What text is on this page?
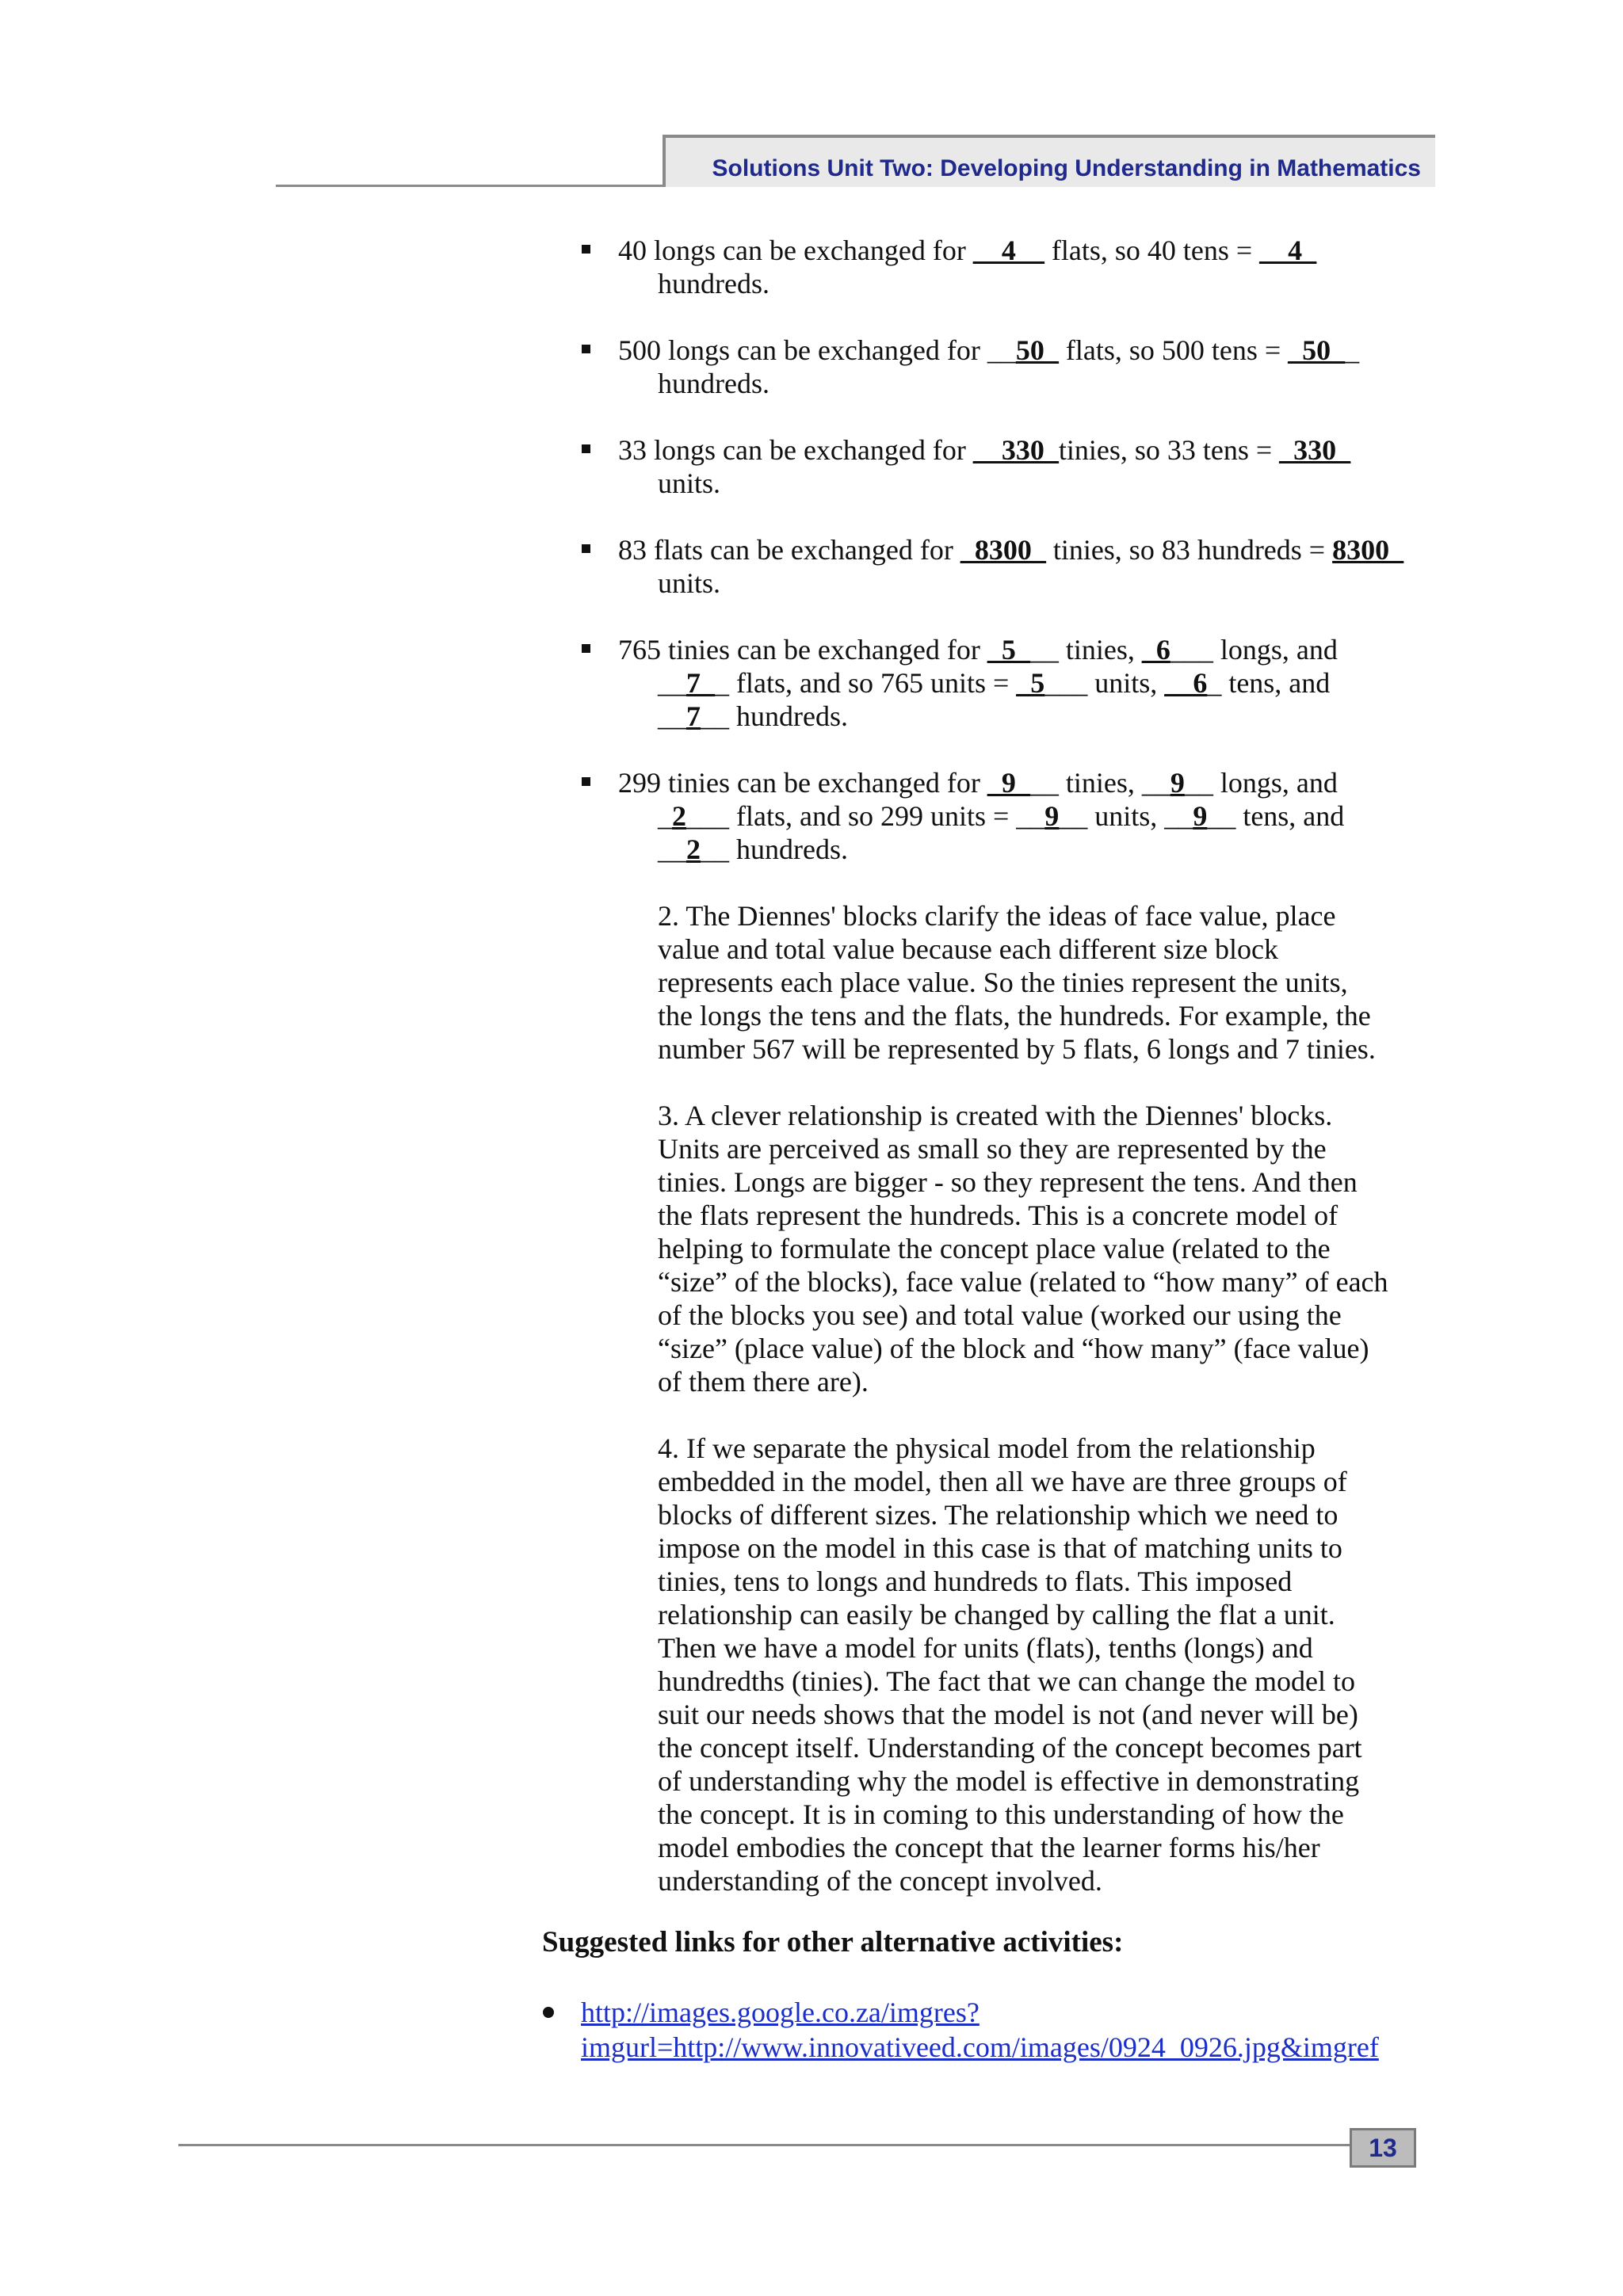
Solutions Unit Two: Developing Understanding in Mathematics
40 longs can be exchanged for __4__ flats, so 40 tens = __4_
hundreds.
500 longs can be exchanged for __50_ flats, so 500 tens = _50__
hundreds.
33 longs can be exchanged for __330_tinies, so 33 tens = _330_
units.
83 flats can be exchanged for _8300_ tinies, so 83 hundreds = 8300_
units.
765 tinies can be exchanged for _5___ tinies, _6___ longs, and
__7__ flats, and so 765 units = _5___ units, __6_ tens, and
__7__ hundreds.
299 tinies can be exchanged for _9___ tinies, __9__ longs, and
_2___ flats, and so 299 units = __9__ units, __9__ tens, and
__2__ hundreds.
2. The Diennes' blocks clarify the ideas of face value, place
value and total value because each different size block
represents each place value. So the tinies represent the units,
the longs the tens and the flats, the hundreds. For example, the
number 567 will be represented by 5 flats, 6 longs and 7 tinies.
3. A clever relationship is created with the Diennes' blocks.
Units are perceived as small so they are represented by the
tinies. Longs are bigger - so they represent the tens. And then
the flats represent the hundreds. This is a concrete model of
helping to formulate the concept place value (related to the
“size” of the blocks), face value (related to “how many” of each
of the blocks you see) and total value (worked our using the
“size” (place value) of the block and “how many” (face value)
of them there are).
4. If we separate the physical model from the relationship
embedded in the model, then all we have are three groups of
blocks of different sizes. The relationship which we need to
impose on the model in this case is that of matching units to
tinies, tens to longs and hundreds to flats. This imposed
relationship can easily be changed by calling the flat a unit.
Then we have a model for units (flats), tenths (longs) and
hundredths (tinies). The fact that we can change the model to
suit our needs shows that the model is not (and never will be)
the concept itself. Understanding of the concept becomes part
of understanding why the model is effective in demonstrating
the concept. It is in coming to this understanding of how the
model embodies the concept that the learner forms his/her
understanding of the concept involved.
Suggested links for other alternative activities:
http://images.google.co.za/imgres?
imgurl=http://www.innovativeed.com/images/0924_0926.jpg&imgref
13
